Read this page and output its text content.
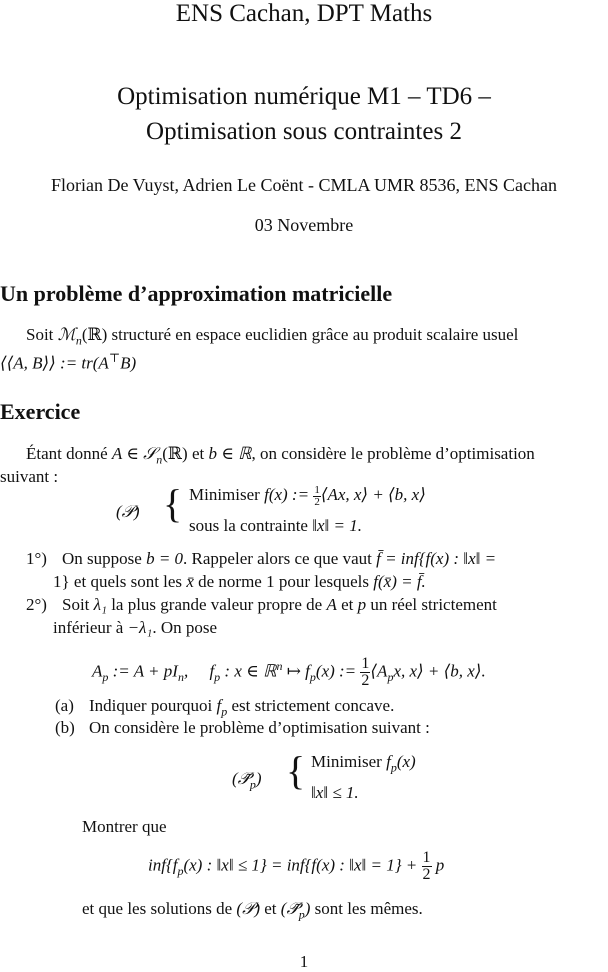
ENS Cachan, DPT Maths
Optimisation numérique M1 – TD6 –
Optimisation sous contraintes 2
Florian De Vuyst, Adrien Le Coënt - CMLA UMR 8536, ENS Cachan
03 Novembre
Un problème d’approximation matricielle
Soit ℳ$_n$(ℝ) structuré en espace euclidien grâce au produit scalaire usuel
⟨⟨A, B⟩⟩ := tr(A⊤B)
Exercice
Étant donné A ∈ 𝒮$_n$(ℝ) et b ∈ ℝ, on considère le problème d’optimisation
suivant :
(𝒫) { Minimiser f(x) := $\frac{1}{2}$ ⟨Ax, x⟩ + ⟨b, x⟩
sous la contrainte ‖x‖ = 1.
1°) On suppose b = 0. Rappeler alors ce que vaut f̄ = inf{f(x) : ‖x‖ =
1} et quels sont les x̄ de norme 1 pour lesquels f(x̄) = f̄.
2°) Soit λ₁ la plus grande valeur propre de A et p un réel strictement
inférieur à −λ₁. On pose
$A_p$ := $A + pI_n$,     $f_p$ : x ∈ ℝ$^n$ ↦ $f_p(x)$ := $\frac{1}{2}$ $⟨A_px$, x⟩ + ⟨b, x⟩.
(a) Indiquer pourquoi $f_p$ est strictement concave.
(b) On considère le problème d’optimisation suivant :
$(𝒫̃_p)$ { Minimiser $f_p(x)$
‖x‖ ≤ 1.
Montrer que
$inf\{f_p(x)$ : ‖x‖ ≤ 1} = inf{f(x) : ‖x‖ = $1\} + \frac{1}{2}$ p
et que les solutions de (𝒫) et $(𝒫̃_p)$ sont les mêmes.
1
